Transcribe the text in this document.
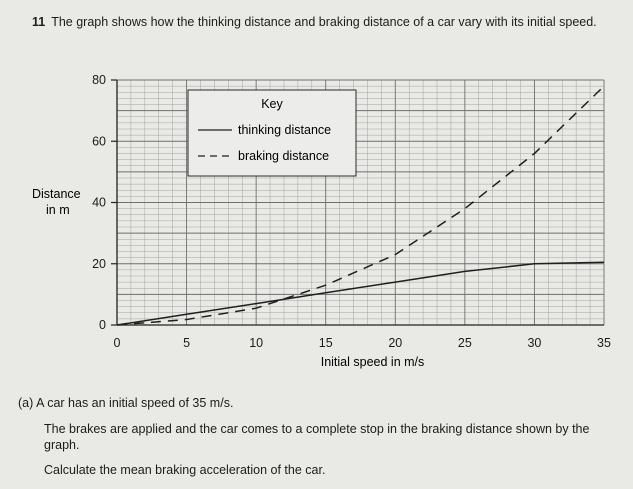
11 The graph shows how the thinking distance and braking distance of a car vary with its initial speed.
0	5	10	15	20	25	30	35
0
20
40
60
80
Distance
in m
Initial speed in m/s
Key
thinking distance
braking distance
(a) A car has an initial speed of 35 m/s.
The brakes are applied and the car comes to a complete stop in the braking distance shown by the graph.
Calculate the mean braking acceleration of the car.
